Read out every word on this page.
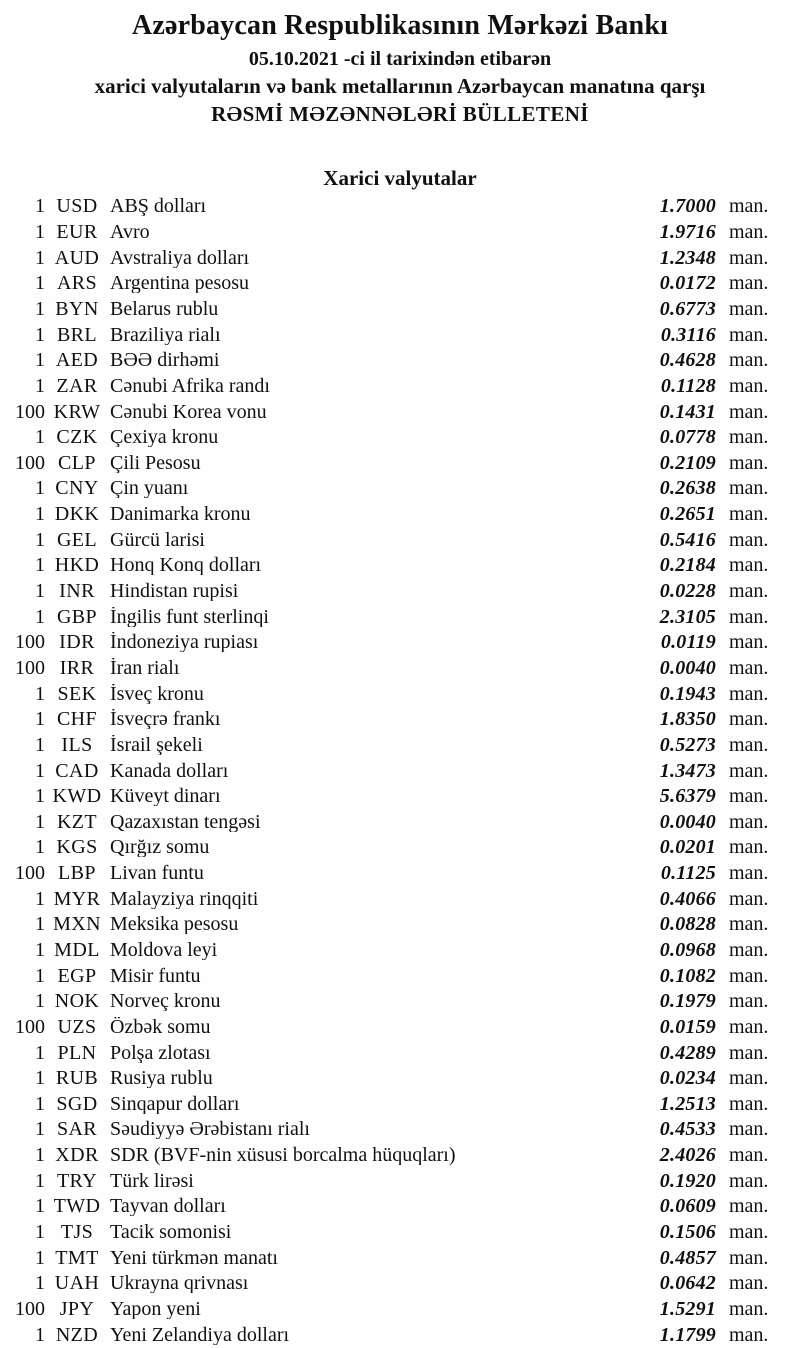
Azərbaycan Respublikasının Mərkəzi Bankı
05.10.2021 -ci il tarixindən etibarən
xarici valyutaların və bank metallarının Azərbaycan manatına qarşı
RƏSMİ MƏZƏNNƏLƏRİ BÜLLETENİ
Xarici valyutalar
1 USD ABŞ dolları	1.7000 man.
1 EUR Avro	1.9716 man.
1 AUD Avstraliya dolları	1.2348 man.
1 ARS Argentina pesosu	0.0172 man.
1 BYN Belarus rublu	0.6773 man.
1 BRL Braziliya rialı	0.3116 man.
1 AED BƏƏ dirhəmi	0.4628 man.
1 ZAR Cənubi Afrika randı	0.1128 man.
100 KRW Cənubi Korea vonu	0.1431 man.
1 CZK Çexiya kronu	0.0778 man.
100 CLP Çili Pesosu	0.2109 man.
1 CNY Çin yuanı	0.2638 man.
1 DKK Danimarka kronu	0.2651 man.
1 GEL Gürcü larisi	0.5416 man.
1 HKD Honq Konq dolları	0.2184 man.
1 INR Hindistan rupisi	0.0228 man.
1 GBP İngilis funt sterlinqi	2.3105 man.
100 IDR İndoneziya rupiası	0.0119 man.
100 IRR İran rialı	0.0040 man.
1 SEK İsveç kronu	0.1943 man.
1 CHF İsveçrə frankı	1.8350 man.
1 ILS İsrail şekeli	0.5273 man.
1 CAD Kanada dolları	1.3473 man.
1 KWD Küveyt dinarı	5.6379 man.
1 KZT Qazaxıstan tengəsi	0.0040 man.
1 KGS Qırğız somu	0.0201 man.
100 LBP Livan funtu	0.1125 man.
1 MYR Malayziya rinqqiti	0.4066 man.
1 MXN Meksika pesosu	0.0828 man.
1 MDL Moldova leyi	0.0968 man.
1 EGP Misir funtu	0.1082 man.
1 NOK Norveç kronu	0.1979 man.
100 UZS Özbək somu	0.0159 man.
1 PLN Polşa zlotası	0.4289 man.
1 RUB Rusiya rublu	0.0234 man.
1 SGD Sinqapur dolları	1.2513 man.
1 SAR Səudiyyə Ərəbistanı rialı	0.4533 man.
1 XDR SDR (BVF-nin xüsusi borcalma hüquqları)	2.4026 man.
1 TRY Türk lirəsi	0.1920 man.
1 TWD Tayvan dolları	0.0609 man.
1 TJS Tacik somonisi	0.1506 man.
1 TMT Yeni türkmən manatı	0.4857 man.
1 UAH Ukrayna qrivnası	0.0642 man.
100 JPY Yapon yeni	1.5291 man.
1 NZD Yeni Zelandiya dolları	1.1799 man.
